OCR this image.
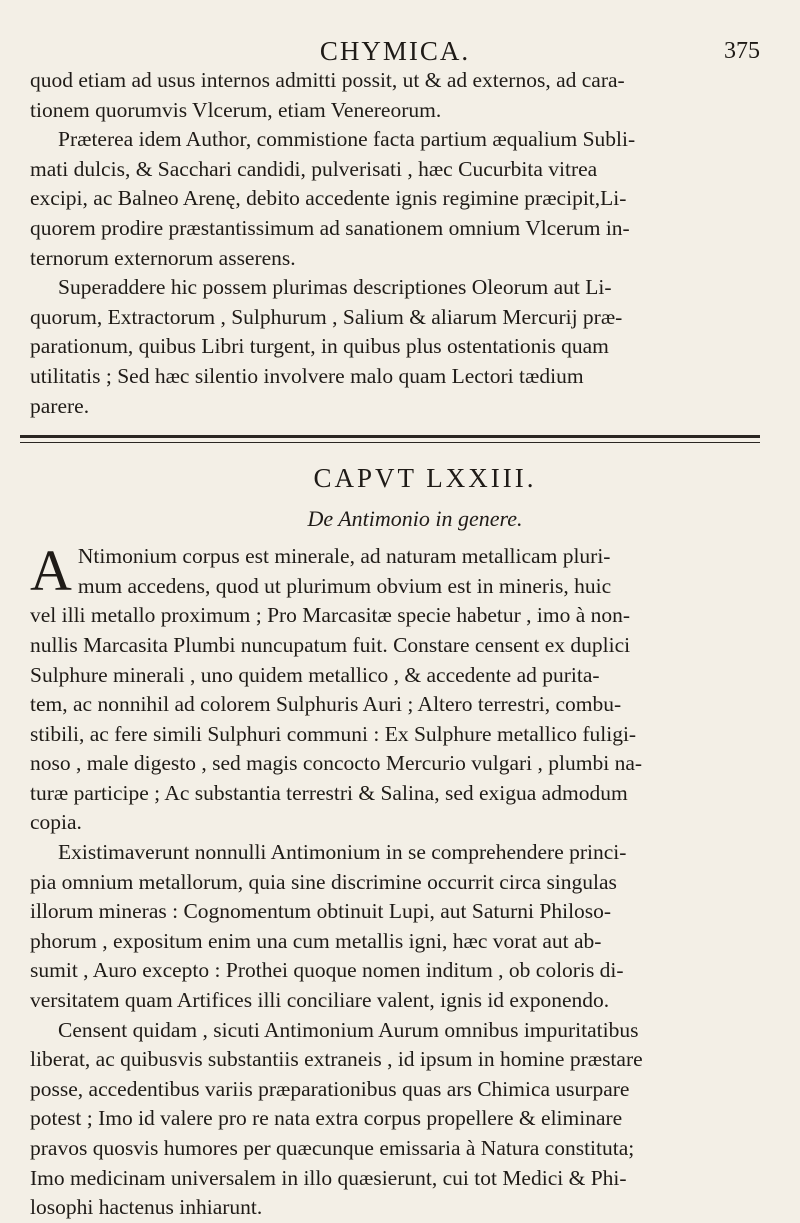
CHYMICA.	375
quod etiam ad usus internos admitti possit, ut & ad externos, ad cara-
tionem quorumvis Vlcerum, etiam Venereorum.
Præterea idem Author, commistione facta partium æqualium Subli-
mati dulcis, & Sacchari candidi, pulverisati , hæc Cucurbita vitrea
excipi, ac Balneo Arenę, debito accedente ignis regimine præcipit,Li-
quorem prodire præstantissimum ad sanationem omnium Vlcerum in-
ternorum externorum asserens.
Superaddere hic possem plurimas descriptiones Oleorum aut Li-
quorum, Extractorum , Sulphurum , Salium & aliarum Mercurij præ-
parationum, quibus Libri turgent, in quibus plus ostentationis quam
utilitatis ; Sed hæc silentio involvere malo quam Lectori tædium
parere.
CAPVT LXXIII.
De Antimonio in genere.
A Ntimonium corpus est minerale, ad naturam metallicam pluri-
mum accedens, quod ut plurimum obvium est in mineris, huic
vel illi metallo proximum ; Pro Marcasitæ specie habetur , imo à non-
nullis Marcasita Plumbi nuncupatum fuit. Constare censent ex duplici
Sulphure minerali , uno quidem metallico , & accedente ad purita-
tem, ac nonnihil ad colorem Sulphuris Auri ; Altero terrestri, combu-
stibili, ac fere simili Sulphuri communi : Ex Sulphure metallico fuligi-
noso , male digesto , sed magis concocto Mercurio vulgari , plumbi na-
turæ participe ; Ac substantia terrestri & Salina, sed exigua admodum
copia.
Existimaverunt nonnulli Antimonium in se comprehendere princi-
pia omnium metallorum, quia sine discrimine occurrit circa singulas
illorum mineras : Cognomentum obtinuit Lupi, aut Saturni Philoso-
phorum , expositum enim una cum metallis igni, hæc vorat aut ab-
sumit , Auro excepto : Prothei quoque nomen inditum , ob coloris di-
versitatem quam Artifices illi conciliare valent, ignis id exponendo.
Censent quidam , sicuti Antimonium Aurum omnibus impuritatibus
liberat, ac quibusvis substantiis extraneis , id ipsum in homine præstare
posse, accedentibus variis præparationibus quas ars Chimica usurpare
potest ; Imo id valere pro re nata extra corpus propellere & eliminare
pravos quosvis humores per quæcunque emissaria à Natura constituta;
Imo medicinam universalem in illo quæsierunt, cui tot Medici & Phi-
losophi hactenus inhiarunt.
